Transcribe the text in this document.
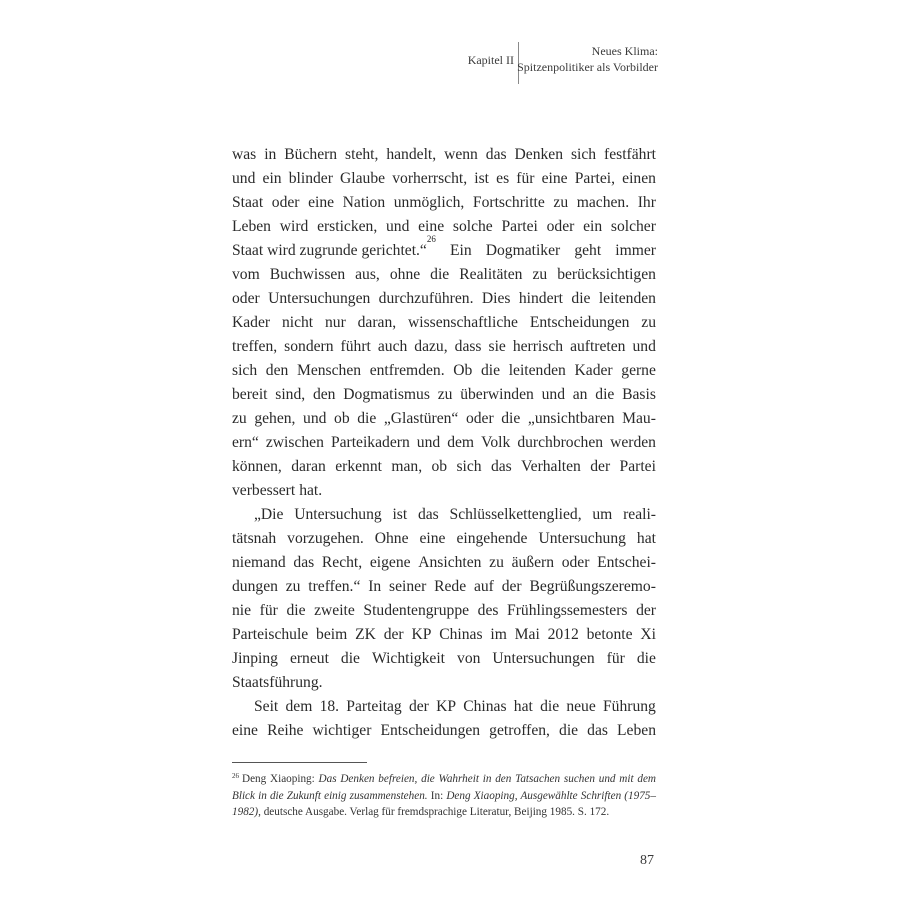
Kapitel II
Neues Klima:
Spitzenpolitiker als Vorbilder
was in Büchern steht, handelt, wenn das Denken sich festfährt
und ein blinder Glaube vorherrscht, ist es für eine Partei, einen
Staat oder eine Nation unmöglich, Fortschritte zu machen. Ihr
Leben wird ersticken, und eine solche Partei oder ein solcher
Staat wird zugrunde gerichtet.“
26
Ein Dogmatiker geht immer
vom Buchwissen aus, ohne die Realitäten zu berücksichtigen
oder Untersuchungen durchzuführen. Dies hindert die leitenden
Kader nicht nur daran, wissenschaftliche Entscheidungen zu
treffen, sondern führt auch dazu, dass sie herrisch auftreten und
sich den Menschen entfremden. Ob die leitenden Kader gerne
bereit sind, den Dogmatismus zu überwinden und an die Basis
zu gehen, und ob die „Glastüren“ oder die „unsichtbaren Mau-
ern“ zwischen Parteikadern und dem Volk durchbrochen werden
können, daran erkennt man, ob sich das Verhalten der Partei
verbessert hat.
„Die Untersuchung ist das Schlüsselkettenglied, um reali-
tätsnah vorzugehen. Ohne eine eingehende Untersuchung hat
niemand das Recht, eigene Ansichten zu äußern oder Entschei-
dungen zu treffen.“ In seiner Rede auf der Begrüßungszeremo-
nie für die zweite Studentengruppe des Frühlingssemesters der
Parteischule beim ZK der KP Chinas im Mai 2012 betonte Xi
Jinping erneut die Wichtigkeit von Untersuchungen für die
Staatsführung.
Seit dem 18. Parteitag der KP Chinas hat die neue Führung
eine Reihe wichtiger Entscheidungen getroffen, die das Leben
$^{26}$ Deng Xiaoping: Das Denken befreien, die Wahrheit in den Tatsachen suchen und mit dem
Blick in die Zukunft einig zusammenstehen. In: Deng Xiaoping, Ausgewählte Schriften (1975–
1982), deutsche Ausgabe. Verlag für fremdsprachige Literatur, Beijing 1985. S. 172.
87
